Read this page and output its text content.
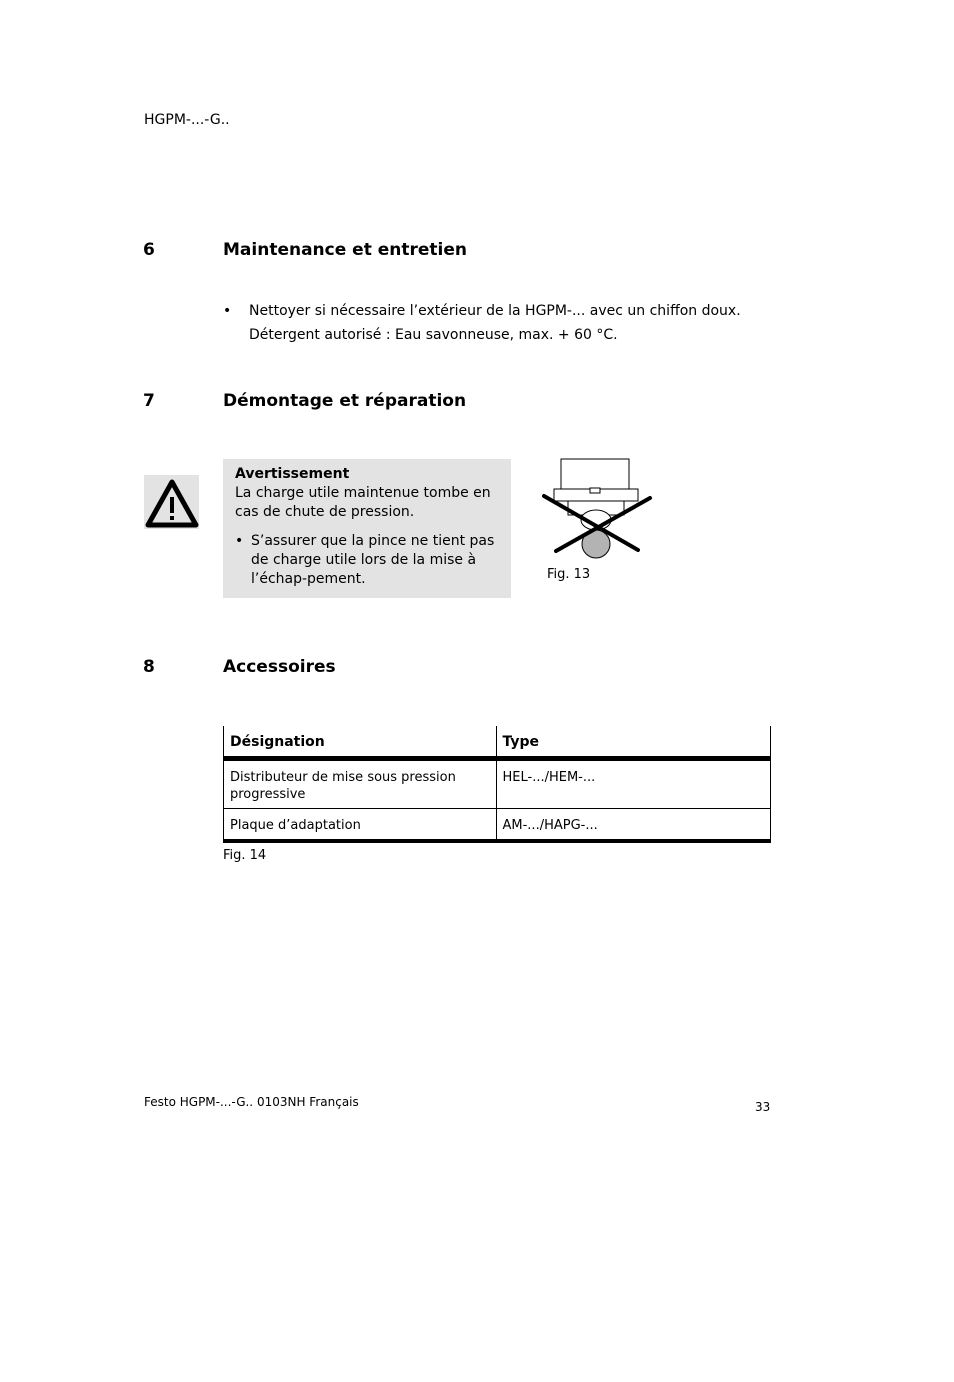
HGPM-...-G..
6	Maintenance et entretien
•	Nettoyer si nécessaire l’extérieur de la HGPM-... avec un chiffon doux.
Détergent autorisé : Eau savonneuse, max. + 60 °C.
7	Démontage et réparation
Avertissement
La charge utile maintenue tombe en cas de chute de pression.
• S’assurer que la pince ne tient pas de charge utile lors de la mise à l’échap-pement.	Fig. 13
8	Accessoires
Désignation	Type
Distributeur de mise sous pression progressive	HEL-.../HEM-...
Plaque d’adaptation	AM-.../HAPG-...
Fig. 14
Festo HGPM-...-G.. 0103NH Français	33
